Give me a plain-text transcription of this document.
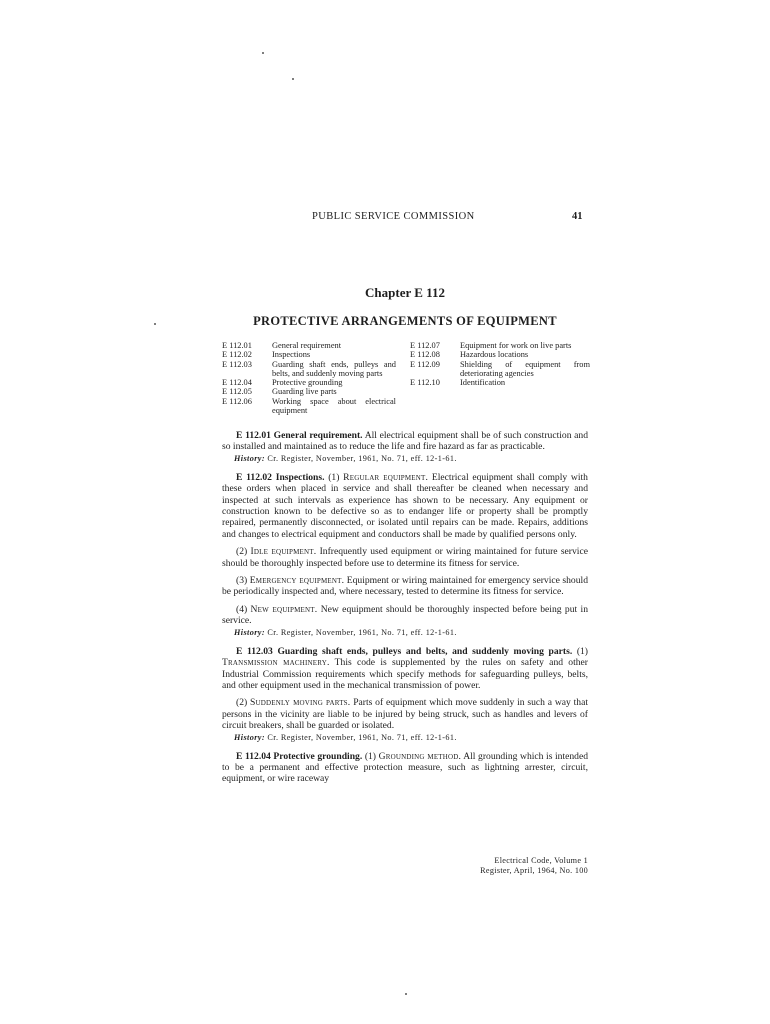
PUBLIC SERVICE COMMISSION	41
Chapter E 112
PROTECTIVE ARRANGEMENTS OF EQUIPMENT
E 112.01	General requirement
E 112.02	Inspections
E 112.03	Guarding shaft ends, pulleys and belts, and suddenly moving parts
E 112.04	Protective grounding
E 112.05	Guarding live parts
E 112.06	Working space about electrical equipment
E 112.07	Equipment for work on live parts
E 112.08	Hazardous locations
E 112.09	Shielding of equipment from deteriorating agencies
E 112.10	Identification

E 112.01 General requirement. All electrical equipment shall be of such construction and so installed and maintained as to reduce the life and fire hazard as far as practicable.

History: Cr. Register, November, 1961, No. 71, eff. 12-1-61.

E 112.02 Inspections. (1) Regular equipment. Electrical equipment shall comply with these orders when placed in service and shall thereafter be cleaned when necessary and inspected at such intervals as experience has shown to be necessary. Any equipment or construction known to be defective so as to endanger life or property shall be promptly repaired, permanently disconnected, or isolated until repairs can be made. Repairs, additions and changes to electrical equipment and conductors shall be made by qualified persons only.

(2) Idle equipment. Infrequently used equipment or wiring maintained for future service should be thoroughly inspected before use to determine its fitness for service.

(3) Emergency equipment. Equipment or wiring maintained for emergency service should be periodically inspected and, where necessary, tested to determine its fitness for service.

(4) New equipment. New equipment should be thoroughly inspected before being put in service.

History: Cr. Register, November, 1961, No. 71, eff. 12-1-61.

E 112.03 Guarding shaft ends, pulleys and belts, and suddenly moving parts. (1) Transmission machinery. This code is supplemented by the rules on safety and other Industrial Commission requirements which specify methods for safeguarding pulleys, belts, and other equipment used in the mechanical transmission of power.

(2) Suddenly moving parts. Parts of equipment which move suddenly in such a way that persons in the vicinity are liable to be injured by being struck, such as handles and levers of circuit breakers, shall be guarded or isolated.

History: Cr. Register, November, 1961, No. 71, eff. 12-1-61.

E 112.04 Protective grounding. (1) Grounding method. All grounding which is intended to be a permanent and effective protection measure, such as lightning arrester, circuit, equipment, or wire raceway

Electrical Code, Volume 1
Register, April, 1964, No. 100
